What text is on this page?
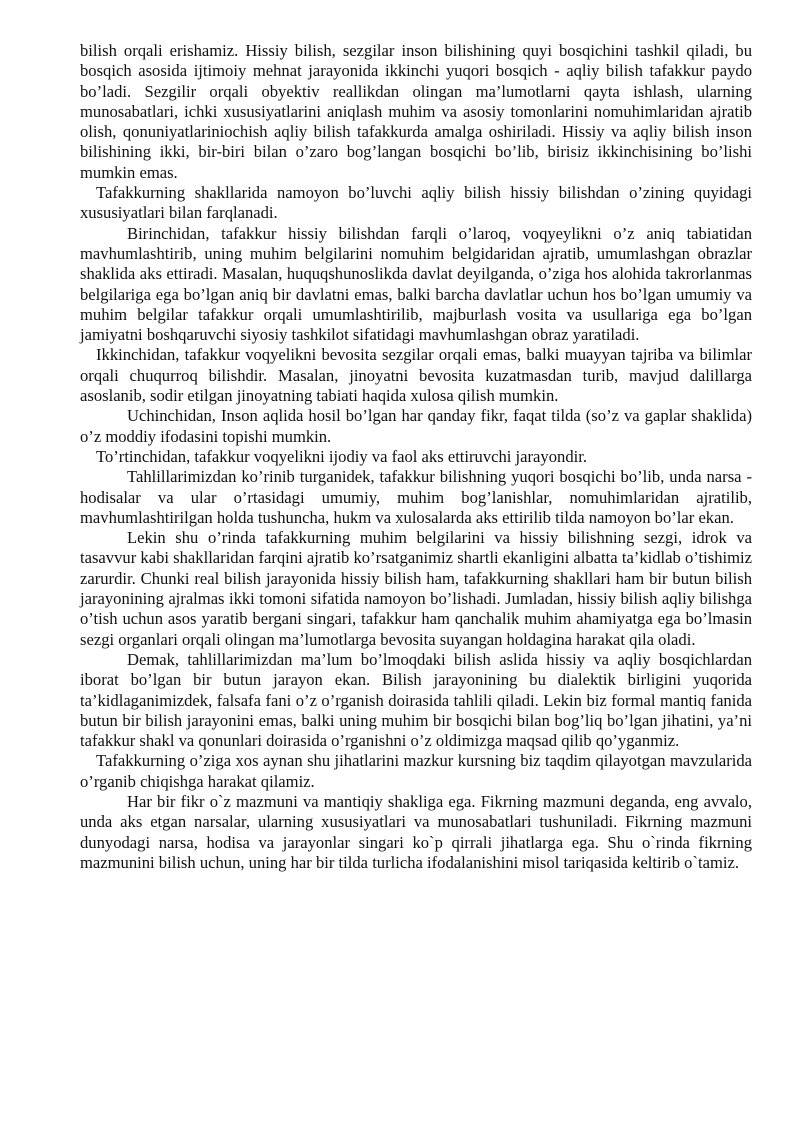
bilish orqali erishamiz. Hissiy bilish, sezgilar inson bilishining quyi bosqichini tashkil qiladi, bu bosqich asosida ijtimoiy mehnat jarayonida ikkinchi yuqori bosqich - aqliy bilish tafakkur paydo bo’ladi. Sezgilir orqali obyektiv reallikdan olingan ma’lumotlarni qayta ishlash, ularning munosabatlari, ichki xususiyatlarini aniqlash muhim va asosiy tomonlarini nomuhimlaridan ajratib olish, qonuniyatlariniochish aqliy bilish tafakkurda amalga oshiriladi. Hissiy va aqliy bilish inson bilishining ikki, bir-biri bilan o’zaro bog’langan bosqichi bo’lib, birisiz ikkinchisining bo’lishi mumkin emas.

Tafakkurning shakllarida namoyon bo’luvchi aqliy bilish hissiy bilishdan o’zining quyidagi xususiyatlari bilan farqlanadi.

Birinchidan, tafakkur hissiy bilishdan farqli o’laroq, voqyeylikni o’z aniq tabiatidan mavhumlashtirib, uning muhim belgilarini nomuhim belgidaridan ajratib, umumlashgan obrazlar shaklida aks ettiradi. Masalan, huquqshunoslikda davlat deyilganda, o’ziga hos alohida takrorlanmas belgilariga ega bo’lgan aniq bir davlatni emas, balki barcha davlatlar uchun hos bo’lgan umumiy va muhim belgilar tafakkur orqali umumlashtirilib, majburlash vosita va usullariga ega bo’lgan jamiyatni boshqaruvchi siyosiy tashkilot sifatidagi mavhumlashgan obraz yaratiladi.

Ikkinchidan, tafakkur voqyelikni bevosita sezgilar orqali emas, balki muayyan tajriba va bilimlar orqali chuqurroq bilishdir. Masalan, jinoyatni bevosita kuzatmasdan turib, mavjud dalillarga asoslanib, sodir etilgan jinoyatning tabiati haqida xulosa qilish mumkin.

Uchinchidan, Inson aqlida hosil bo’lgan har qanday fikr, faqat tilda (so’z va gaplar shaklida) o’z moddiy ifodasini topishi mumkin.

To’rtinchidan, tafakkur voqyelikni ijodiy va faol aks ettiruvchi jarayondir.

Tahlillarimizdan ko’rinib turganidek, tafakkur bilishning yuqori bosqichi bo’lib, unda narsa - hodisalar va ular o’rtasidagi umumiy, muhim bog’lanishlar, nomuhimlaridan ajratilib, mavhumlashtirilgan holda tushuncha, hukm va xulosalarda aks ettirilib tilda namoyon bo’lar ekan.

Lekin shu o’rinda tafakkurning muhim belgilarini va hissiy bilishning sezgi, idrok va tasavvur kabi shakllaridan farqini ajratib ko’rsatganimiz shartli ekanligini albatta ta’kidlab o’tishimiz zarurdir. Chunki real bilish jarayonida hissiy bilish ham, tafakkurning shakllari ham bir butun bilish jarayonining ajralmas ikki tomoni sifatida namoyon bo’lishadi. Jumladan, hissiy bilish aqliy bilishga o’tish uchun asos yaratib bergani singari, tafakkur ham qanchalik muhim ahamiyatga ega bo’lmasin sezgi organlari orqali olingan ma’lumotlarga bevosita suyangan holdagina harakat qila oladi.

Demak, tahlillarimizdan ma’lum bo’lmoqdaki bilish aslida hissiy va aqliy bosqichlardan iborat bo’lgan bir butun jarayon ekan. Bilish jarayonining bu dialektik birligini yuqorida ta’kidlaganimizdek, falsafa fani o’z o’rganish doirasida tahlili qiladi. Lekin biz formal mantiq fanida butun bir bilish jarayonini emas, balki uning muhim bir bosqichi bilan bog’liq bo’lgan jihatini, ya’ni tafakkur shakl va qonunlari doirasida o’rganishni o’z oldimizga maqsad qilib qo’yganmiz.

Tafakkurning o’ziga xos aynan shu jihatlarini mazkur kursning biz taqdim qilayotgan mavzularida o’rganib chiqishga harakat qilamiz.

Har bir fikr o`z mazmuni va mantiqiy shakliga ega. Fikrning mazmuni deganda, eng avvalo, unda aks etgan narsalar, ularning xususiyatlari va munosabatlari tushuniladi. Fikrning mazmuni dunyodagi narsa, hodisa va jarayonlar singari ko`p qirrali jihatlarga ega. Shu o`rinda fikrning mazmunini bilish uchun, uning har bir tilda turlicha ifodalanishini misol tariqasida keltirib o`tamiz.
